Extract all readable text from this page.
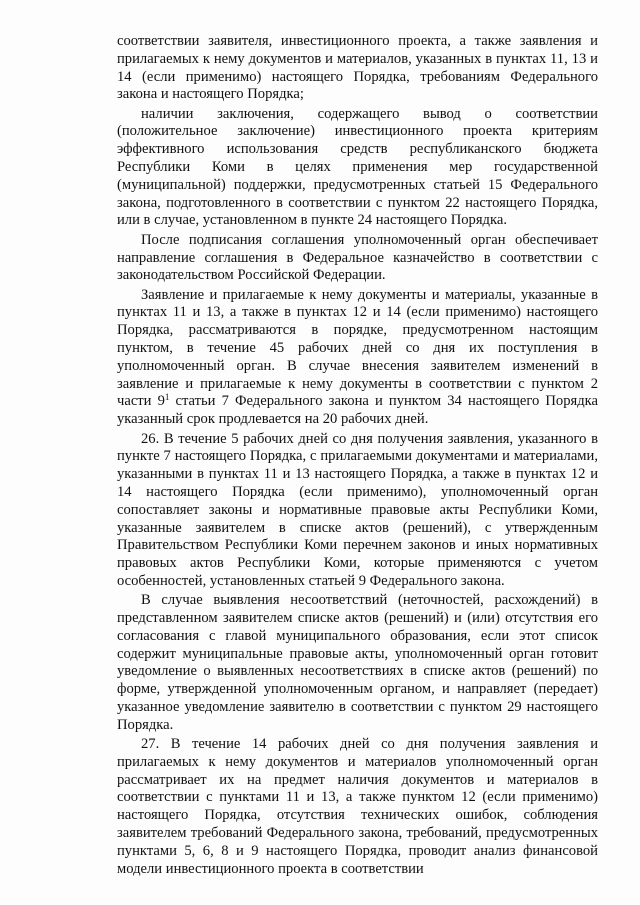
соответствии заявителя, инвестиционного проекта, а также заявления и прилагаемых к нему документов и материалов, указанных в пунктах 11, 13 и 14 (если применимо) настоящего Порядка, требованиям Федерального закона и настоящего Порядка;

наличии заключения, содержащего вывод о соответствии (положительное заключение) инвестиционного проекта критериям эффективного использования средств республиканского бюджета Республики Коми в целях применения мер государственной (муниципальной) поддержки, предусмотренных статьей 15 Федерального закона, подготовленного в соответствии с пунктом 22 настоящего Порядка, или в случае, установленном в пункте 24 настоящего Порядка.

После подписания соглашения уполномоченный орган обеспечивает направление соглашения в Федеральное казначейство в соответствии с законодательством Российской Федерации.

Заявление и прилагаемые к нему документы и материалы, указанные в пунктах 11 и 13, а также в пунктах 12 и 14 (если применимо) настоящего Порядка, рассматриваются в порядке, предусмотренном настоящим пунктом, в течение 45 рабочих дней со дня их поступления в уполномоченный орган. В случае внесения заявителем изменений в заявление и прилагаемые к нему документы в соответствии с пунктом 2 части $9^1$ статьи 7 Федерального закона и пунктом 34 настоящего Порядка указанный срок продлевается на 20 рабочих дней.

26. В течение 5 рабочих дней со дня получения заявления, указанного в пункте 7 настоящего Порядка, с прилагаемыми документами и материалами, указанными в пунктах 11 и 13 настоящего Порядка, а также в пунктах 12 и 14 настоящего Порядка (если применимо), уполномоченный орган сопоставляет законы и нормативные правовые акты Республики Коми, указанные заявителем в списке актов (решений), с утвержденным Правительством Республики Коми перечнем законов и иных нормативных правовых актов Республики Коми, которые применяются с учетом особенностей, установленных статьей 9 Федерального закона.

В случае выявления несоответствий (неточностей, расхождений) в представленном заявителем списке актов (решений) и (или) отсутствия его согласования с главой муниципального образования, если этот список содержит муниципальные правовые акты, уполномоченный орган готовит уведомление о выявленных несоответствиях в списке актов (решений) по форме, утвержденной уполномоченным органом, и направляет (передает) указанное уведомление заявителю в соответствии с пунктом 29 настоящего Порядка.

27. В течение 14 рабочих дней со дня получения заявления и прилагаемых к нему документов и материалов уполномоченный орган рассматривает их на предмет наличия документов и материалов в соответствии с пунктами 11 и 13, а также пунктом 12 (если применимо) настоящего Порядка, отсутствия технических ошибок, соблюдения заявителем требований Федерального закона, требований, предусмотренных пунктами 5, 6, 8 и 9 настоящего Порядка, проводит анализ финансовой модели инвестиционного проекта в соответствии
